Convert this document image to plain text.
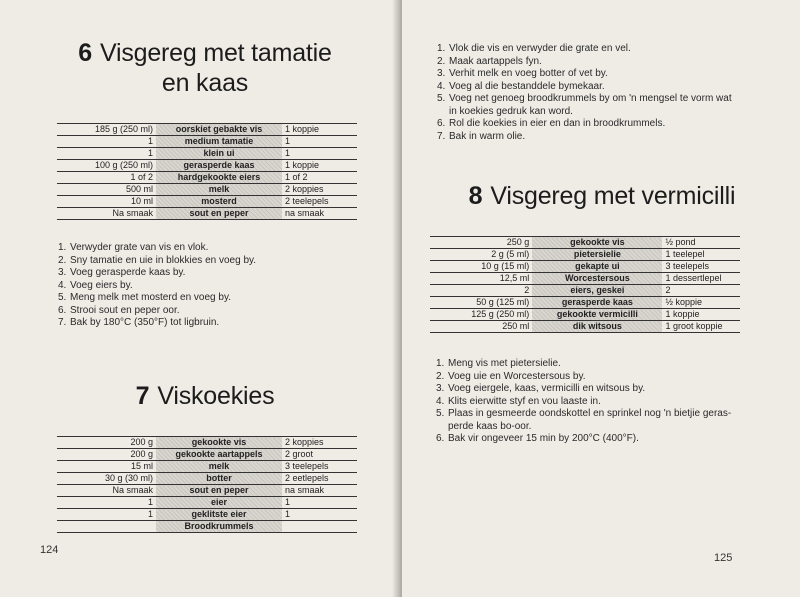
6 Visgereg met tamatie
en kaas
185 g (250 ml)	oorskiet gebakte vis	1 koppie
1	medium tamatie	1
1	klein ui	1
100 g (250 ml)	gerasperde kaas	1 koppie
1 of 2	hardgekookte eiers	1 of 2
500 ml	melk	2 koppies
10 ml	mosterd	2 teelepels
Na smaak	sout en peper	na smaak
1. Verwyder grate van vis en vlok.
2. Sny tamatie en uie in blokkies en voeg by.
3. Voeg gerasperde kaas by.
4. Voeg eiers by.
5. Meng melk met mosterd en voeg by.
6. Strooi sout en peper oor.
7. Bak by 180°C (350°F) tot ligbruin.
7 Viskoekies
200 g	gekookte vis	2 koppies
200 g	gekookte aartappels	2 groot
15 ml	melk	3 teelepels
30 g (30 ml)	botter	2 eetlepels
Na smaak	sout en peper	na smaak
1	eier	1
1	geklitste eier	1
	Broodkrummels	
124
1. Vlok die vis en verwyder die grate en vel.
2. Maak aartappels fyn.
3. Verhit melk en voeg botter of vet by.
4. Voeg al die bestanddele bymekaar.
5. Voeg net genoeg broodkrummels by om 'n mengsel te vorm wat
in koekies gedruk kan word.
6. Rol die koekies in eier en dan in broodkrummels.
7. Bak in warm olie.
8 Visgereg met vermicilli
250 g	gekookte vis	½ pond
2 g (5 ml)	pietersielie	1 teelepel
10 g (15 ml)	gekapte ui	3 teelepels
12,5 ml	Worcestersous	1 dessertlepel
2	eiers, geskei	2
50 g (125 ml)	gerasperde kaas	½ koppie
125 g (250 ml)	gekookte vermicilli	1 koppie
250 ml	dik witsous	1 groot koppie
1. Meng vis met pietersielie.
2. Voeg uie en Worcestersous by.
3. Voeg eiergele, kaas, vermicilli en witsous by.
4. Klits eierwitte styf en vou laaste in.
5. Plaas in gesmeerde oondskottel en sprinkel nog 'n bietjie geras-
perde kaas bo-oor.
6. Bak vir ongeveer 15 min by 200°C (400°F).
125
